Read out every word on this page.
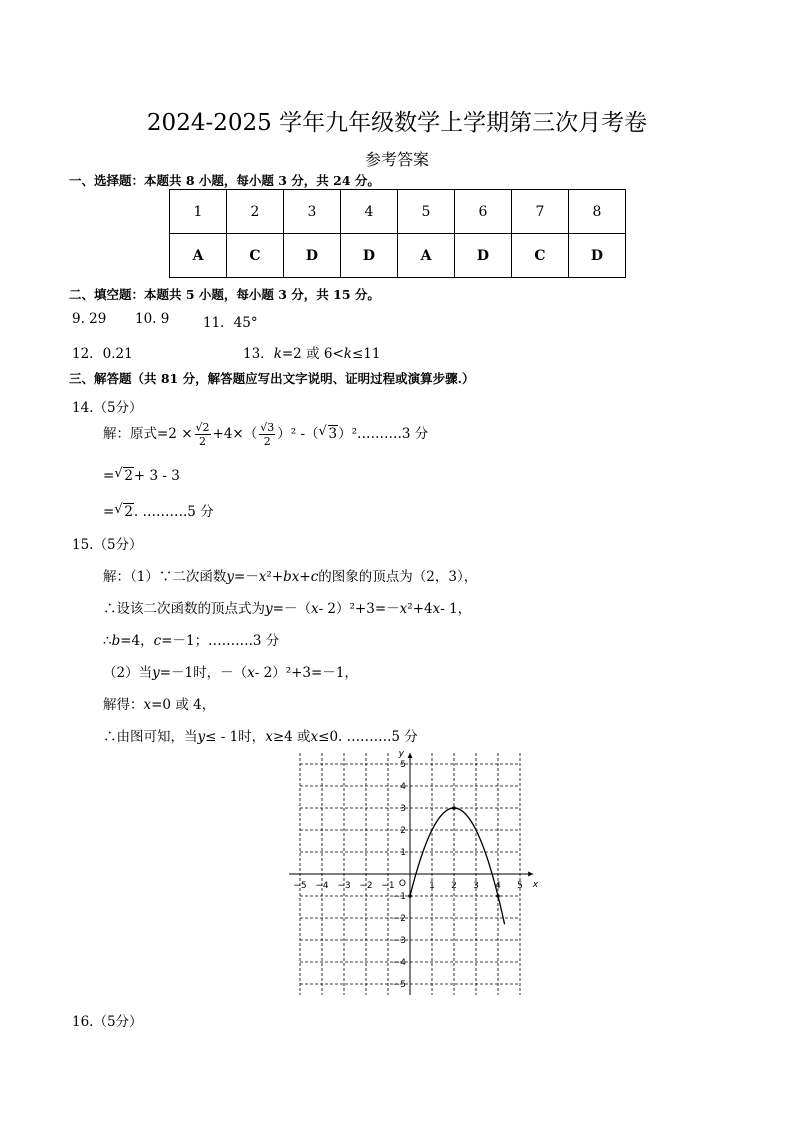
2024-2025 学年九年级数学上学期第三次月考卷
参考答案
一、选择题：本题共 8 小题，每小题 3 分，共 24 分。
1	2	3	4	5	6	7	8
A	C	D	D	A	D	C	D
二、填空题：本题共 5 小题，每小题 3 分，共 15 分。
9. 29 10. 9 11．45°
12．0.21	13．k=2 或 6<k≤11
三、解答题（共 81 分，解答题应写出文字说明、证明过程或演算步骤.）
14.（5分）
解：原式$=2 \times \frac{√2}{2} +4\times( \frac{√3}{2} )^2$ -（ √ 3）²……….3 分
= √ 2+ 3 - 3
= √ 2. ……….5 分
15.（5分）
解：（1）∵二次函数y=－x²+bx+c的图象的顶点为（2，3），
∴设该二次函数的顶点式为y=－（x- 2）²+3=－x²+4x- 1，
∴b=4，c=－1；……….3 分
（2）当y=－1时，－（x- 2）²+3=－1，
解得：x=0 或 4，
∴由图可知，当y≤ - 1时，x≥4 或x≤0. ……….5 分
−5 −4 −3 −2 −1	1 2 3 4 5
5
4
3
2
1
−1
−2
−3
−4
−5
O	x
y
16.（5分）
